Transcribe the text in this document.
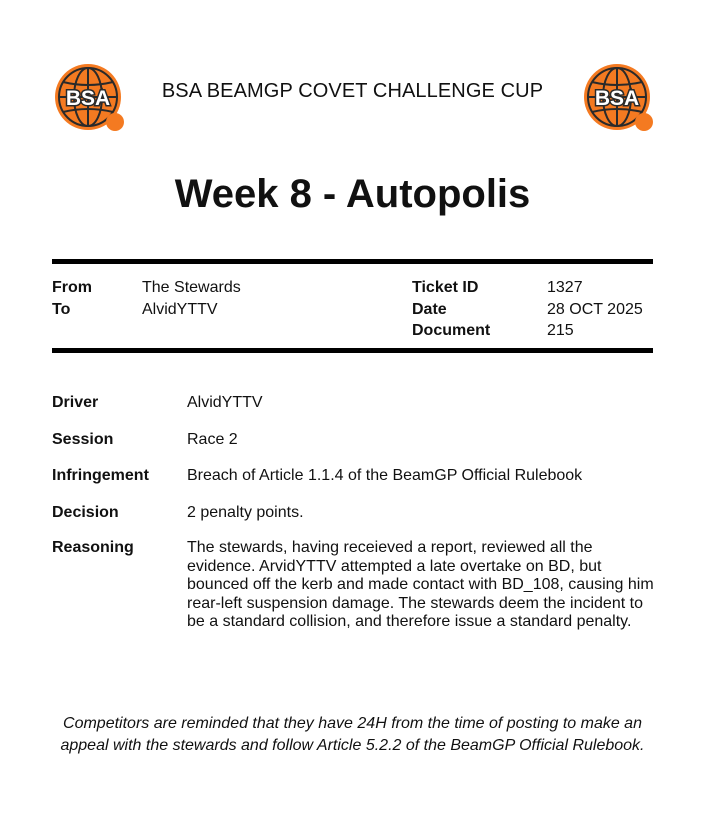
BSA	BSA
BSA BEAMGP COVET CHALLENGE CUP
Week 8 - Autopolis
From	The Stewards
To	AlvidYTTV
Ticket ID	1327
Date	28 OCT 2025
Document	215
Driver	AlvidYTTV
Session	Race 2
Infringement Breach of Article 1.1.4 of the BeamGP Official Rulebook
Decision	2 penalty points.
Reasoning	The stewards, having receieved a report, reviewed all the evidence. ArvidYTTV attempted a late overtake on BD, but bounced off the kerb and made contact with BD_108, causing him rear-left suspension damage. The stewards deem the incident to be a standard collision, and therefore issue a standard penalty.
Competitors are reminded that they have 24H from the time of posting to make an appeal with the stewards and follow Article 5.2.2 of the BeamGP Official Rulebook.
